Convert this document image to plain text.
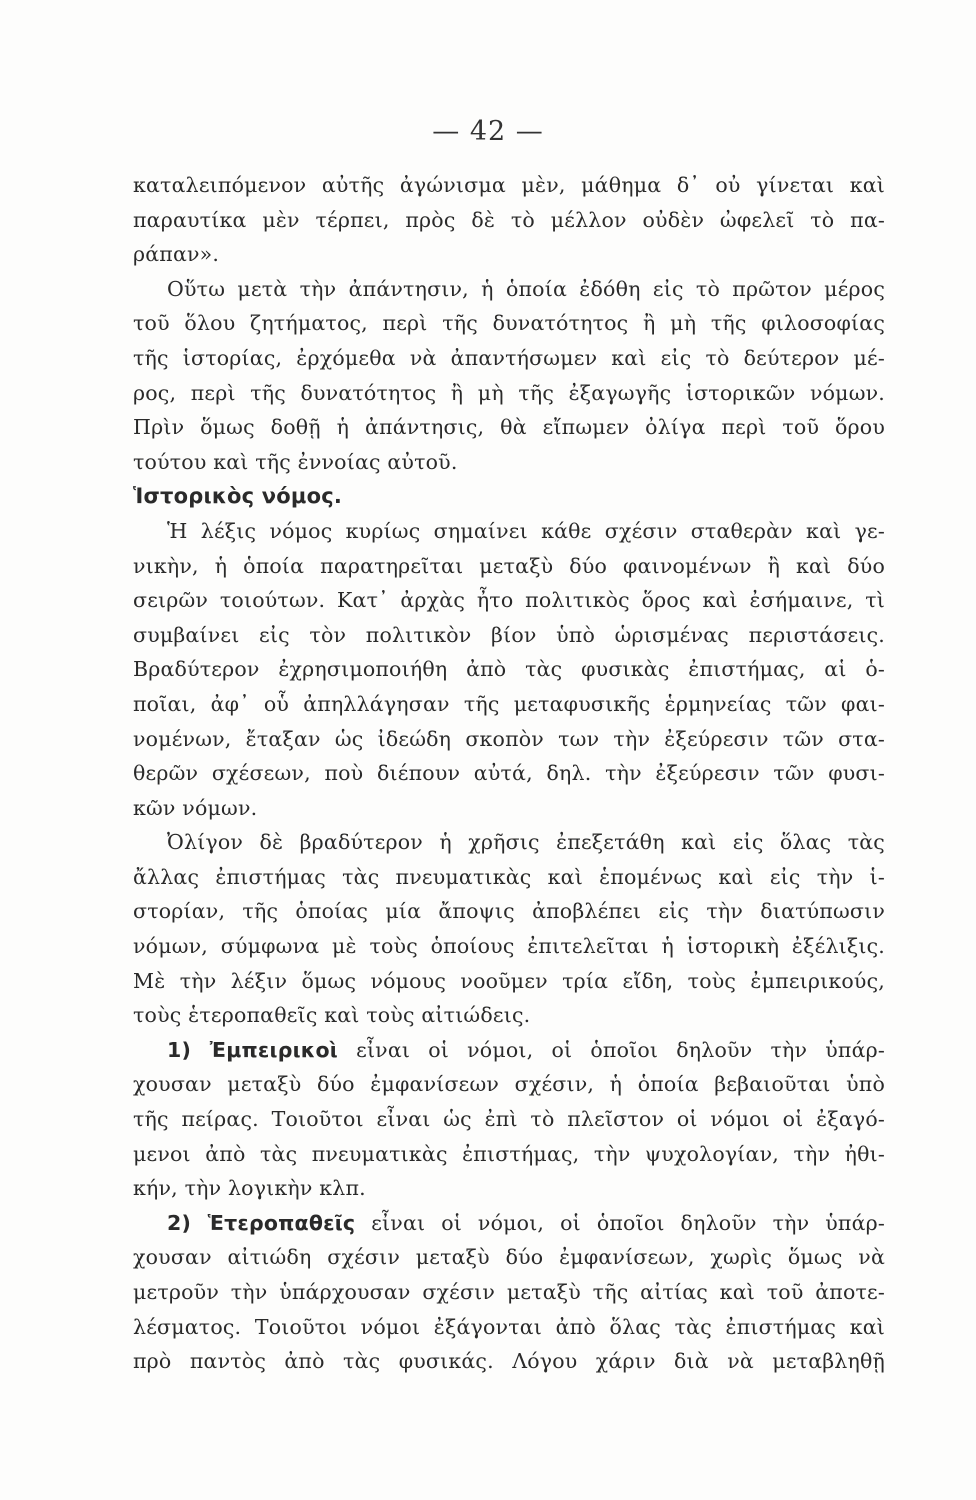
— 42 —
καταλειπόμενον αὐτῆς ἀγώνισμα μὲν, μάθημα δ᾿ οὐ γίνεται καὶ
παραυτίκα μὲν τέρπει, πρὸς δὲ τὸ μέλλον οὐδὲν ὠφελεῖ τὸ πα-
ράπαν».
Οὕτω μετὰ τὴν ἀπάντησιν, ἡ ὁποία ἐδόθη εἰς τὸ πρῶτον μέρος
τοῦ ὅλου ζητήματος, περὶ τῆς δυνατότητος ἢ μὴ τῆς φιλοσοφίας
τῆς ἱστορίας, ἐρχόμεθα νὰ ἀπαντήσωμεν καὶ εἰς τὸ δεύτερον μέ-
ρος, περὶ τῆς δυνατότητος ἢ μὴ τῆς ἐξαγωγῆς ἱστορικῶν νόμων.
Πρὶν ὅμως δοθῇ ἡ ἀπάντησις, θὰ εἴπωμεν ὀλίγα περὶ τοῦ ὅρου
τούτου καὶ τῆς ἐννοίας αὐτοῦ.
Ἱστορικὸς νόμος.
Ἡ λέξις νόμος κυρίως σημαίνει κάθε σχέσιν σταθερὰν καὶ γε-
νικὴν, ἡ ὁποία παρατηρεῖται μεταξὺ δύο φαινομένων ἢ καὶ δύο
σειρῶν τοιούτων. Κατ᾿ ἀρχὰς ἦτο πολιτικὸς ὅρος καὶ ἐσήμαινε, τὶ
συμβαίνει εἰς τὸν πολιτικὸν βίον ὑπὸ ὡρισμένας περιστάσεις.
Βραδύτερον ἐχρησιμοποιήθη ἀπὸ τὰς φυσικὰς ἐπιστήμας, αἱ ὁ-
ποῖαι, ἀφ᾿ οὗ ἀπηλλάγησαν τῆς μεταφυσικῆς ἑρμηνείας τῶν φαι-
νομένων, ἔταξαν ὡς ἰδεώδη σκοπὸν των τὴν ἐξεύρεσιν τῶν στα-
θερῶν σχέσεων, ποὺ διέπουν αὐτά, δηλ. τὴν ἐξεύρεσιν τῶν φυσι-
κῶν νόμων.
Ὀλίγον δὲ βραδύτερον ἡ χρῆσις ἐπεξετάθη καὶ εἰς ὅλας τὰς
ἄλλας ἐπιστήμας τὰς πνευματικὰς καὶ ἑπομένως καὶ εἰς τὴν ἱ-
στορίαν, τῆς ὁποίας μία ἄποψις ἀποβλέπει εἰς τὴν διατύπωσιν
νόμων, σύμφωνα μὲ τοὺς ὁποίους ἐπιτελεῖται ἡ ἱστορικὴ ἐξέλιξις.
Μὲ τὴν λέξιν ὅμως νόμους νοοῦμεν τρία εἴδη, τοὺς ἐμπειρικούς,
τοὺς ἑτεροπαθεῖς καὶ τοὺς αἰτιώδεις.
1) Ἐμπειρικοὶ εἶναι οἱ νόμοι, οἱ ὁποῖοι δηλοῦν τὴν ὑπάρ-
χουσαν μεταξὺ δύο ἐμφανίσεων σχέσιν, ἡ ὁποία βεβαιοῦται ὑπὸ
τῆς πείρας. Τοιοῦτοι εἶναι ὡς ἐπὶ τὸ πλεῖστον οἱ νόμοι οἱ ἐξαγό-
μενοι ἀπὸ τὰς πνευματικὰς ἐπιστήμας, τὴν ψυχολογίαν, τὴν ἠθι-
κήν, τὴν λογικὴν κλπ.
2) Ἑτεροπαθεῖς εἶναι οἱ νόμοι, οἱ ὁποῖοι δηλοῦν τὴν ὑπάρ-
χουσαν αἰτιώδη σχέσιν μεταξὺ δύο ἐμφανίσεων, χωρὶς ὅμως νὰ
μετροῦν τὴν ὑπάρχουσαν σχέσιν μεταξὺ τῆς αἰτίας καὶ τοῦ ἀποτε-
λέσματος. Τοιοῦτοι νόμοι ἐξάγονται ἀπὸ ὅλας τὰς ἐπιστήμας καὶ
πρὸ παντὸς ἀπὸ τὰς φυσικάς. Λόγου χάριν διὰ νὰ μεταβληθῇ
